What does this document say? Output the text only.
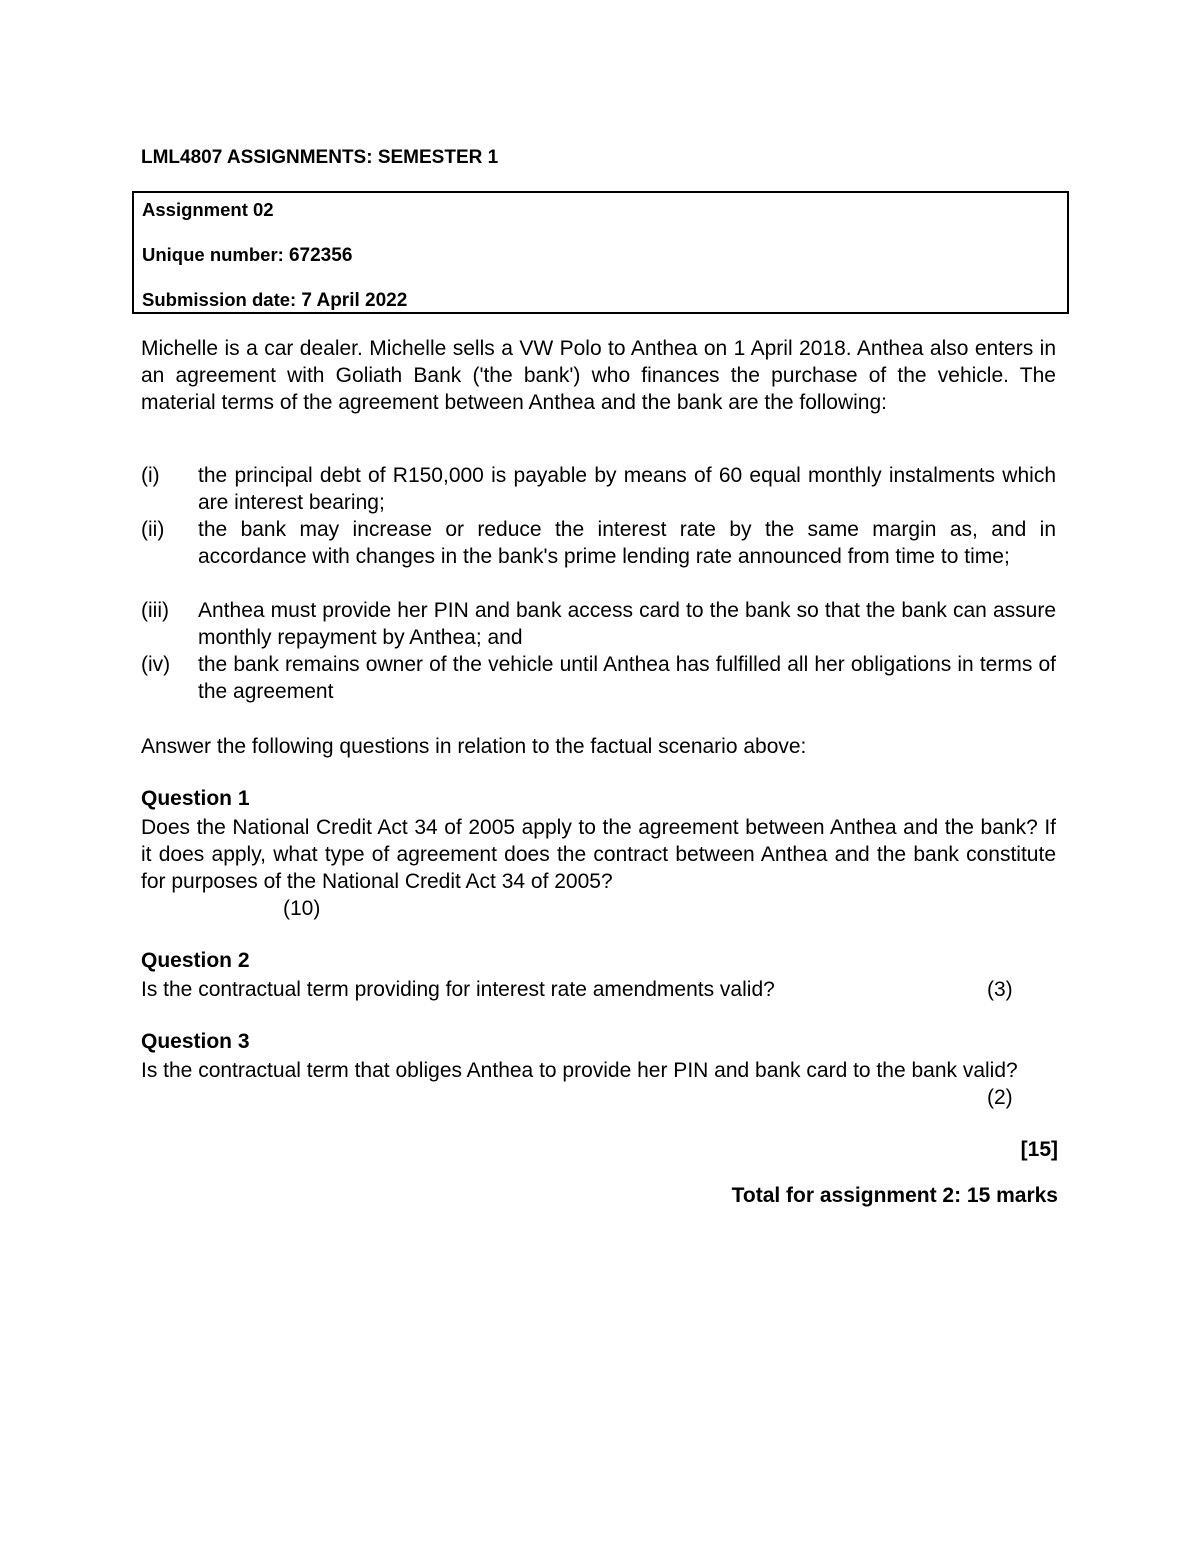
LML4807 ASSIGNMENTS: SEMESTER 1
Assignment 02
Unique number: 672356
Submission date: 7 April 2022
Michelle is a car dealer. Michelle sells a VW Polo to Anthea on 1 April 2018. Anthea also enters in an agreement with Goliath Bank ('the bank') who finances the purchase of the vehicle. The material terms of the agreement between Anthea and the bank are the following:
(i) the principal debt of R150,000 is payable by means of 60 equal monthly instalments which are interest bearing;
(ii) the bank may increase or reduce the interest rate by the same margin as, and in accordance with changes in the bank's prime lending rate announced from time to time;
(iii) Anthea must provide her PIN and bank access card to the bank so that the bank can assure monthly repayment by Anthea; and
(iv) the bank remains owner of the vehicle until Anthea has fulfilled all her obligations in terms of the agreement
Answer the following questions in relation to the factual scenario above:
Question 1
Does the National Credit Act 34 of 2005 apply to the agreement between Anthea and the bank? If it does apply, what type of agreement does the contract between Anthea and the bank constitute for purposes of the National Credit Act 34 of 2005?
(10)
Question 2
Is the contractual term providing for interest rate amendments valid?	(3)
Question 3
Is the contractual term that obliges Anthea to provide her PIN and bank card to the bank valid?
(2)
[15]
Total for assignment 2: 15 marks
